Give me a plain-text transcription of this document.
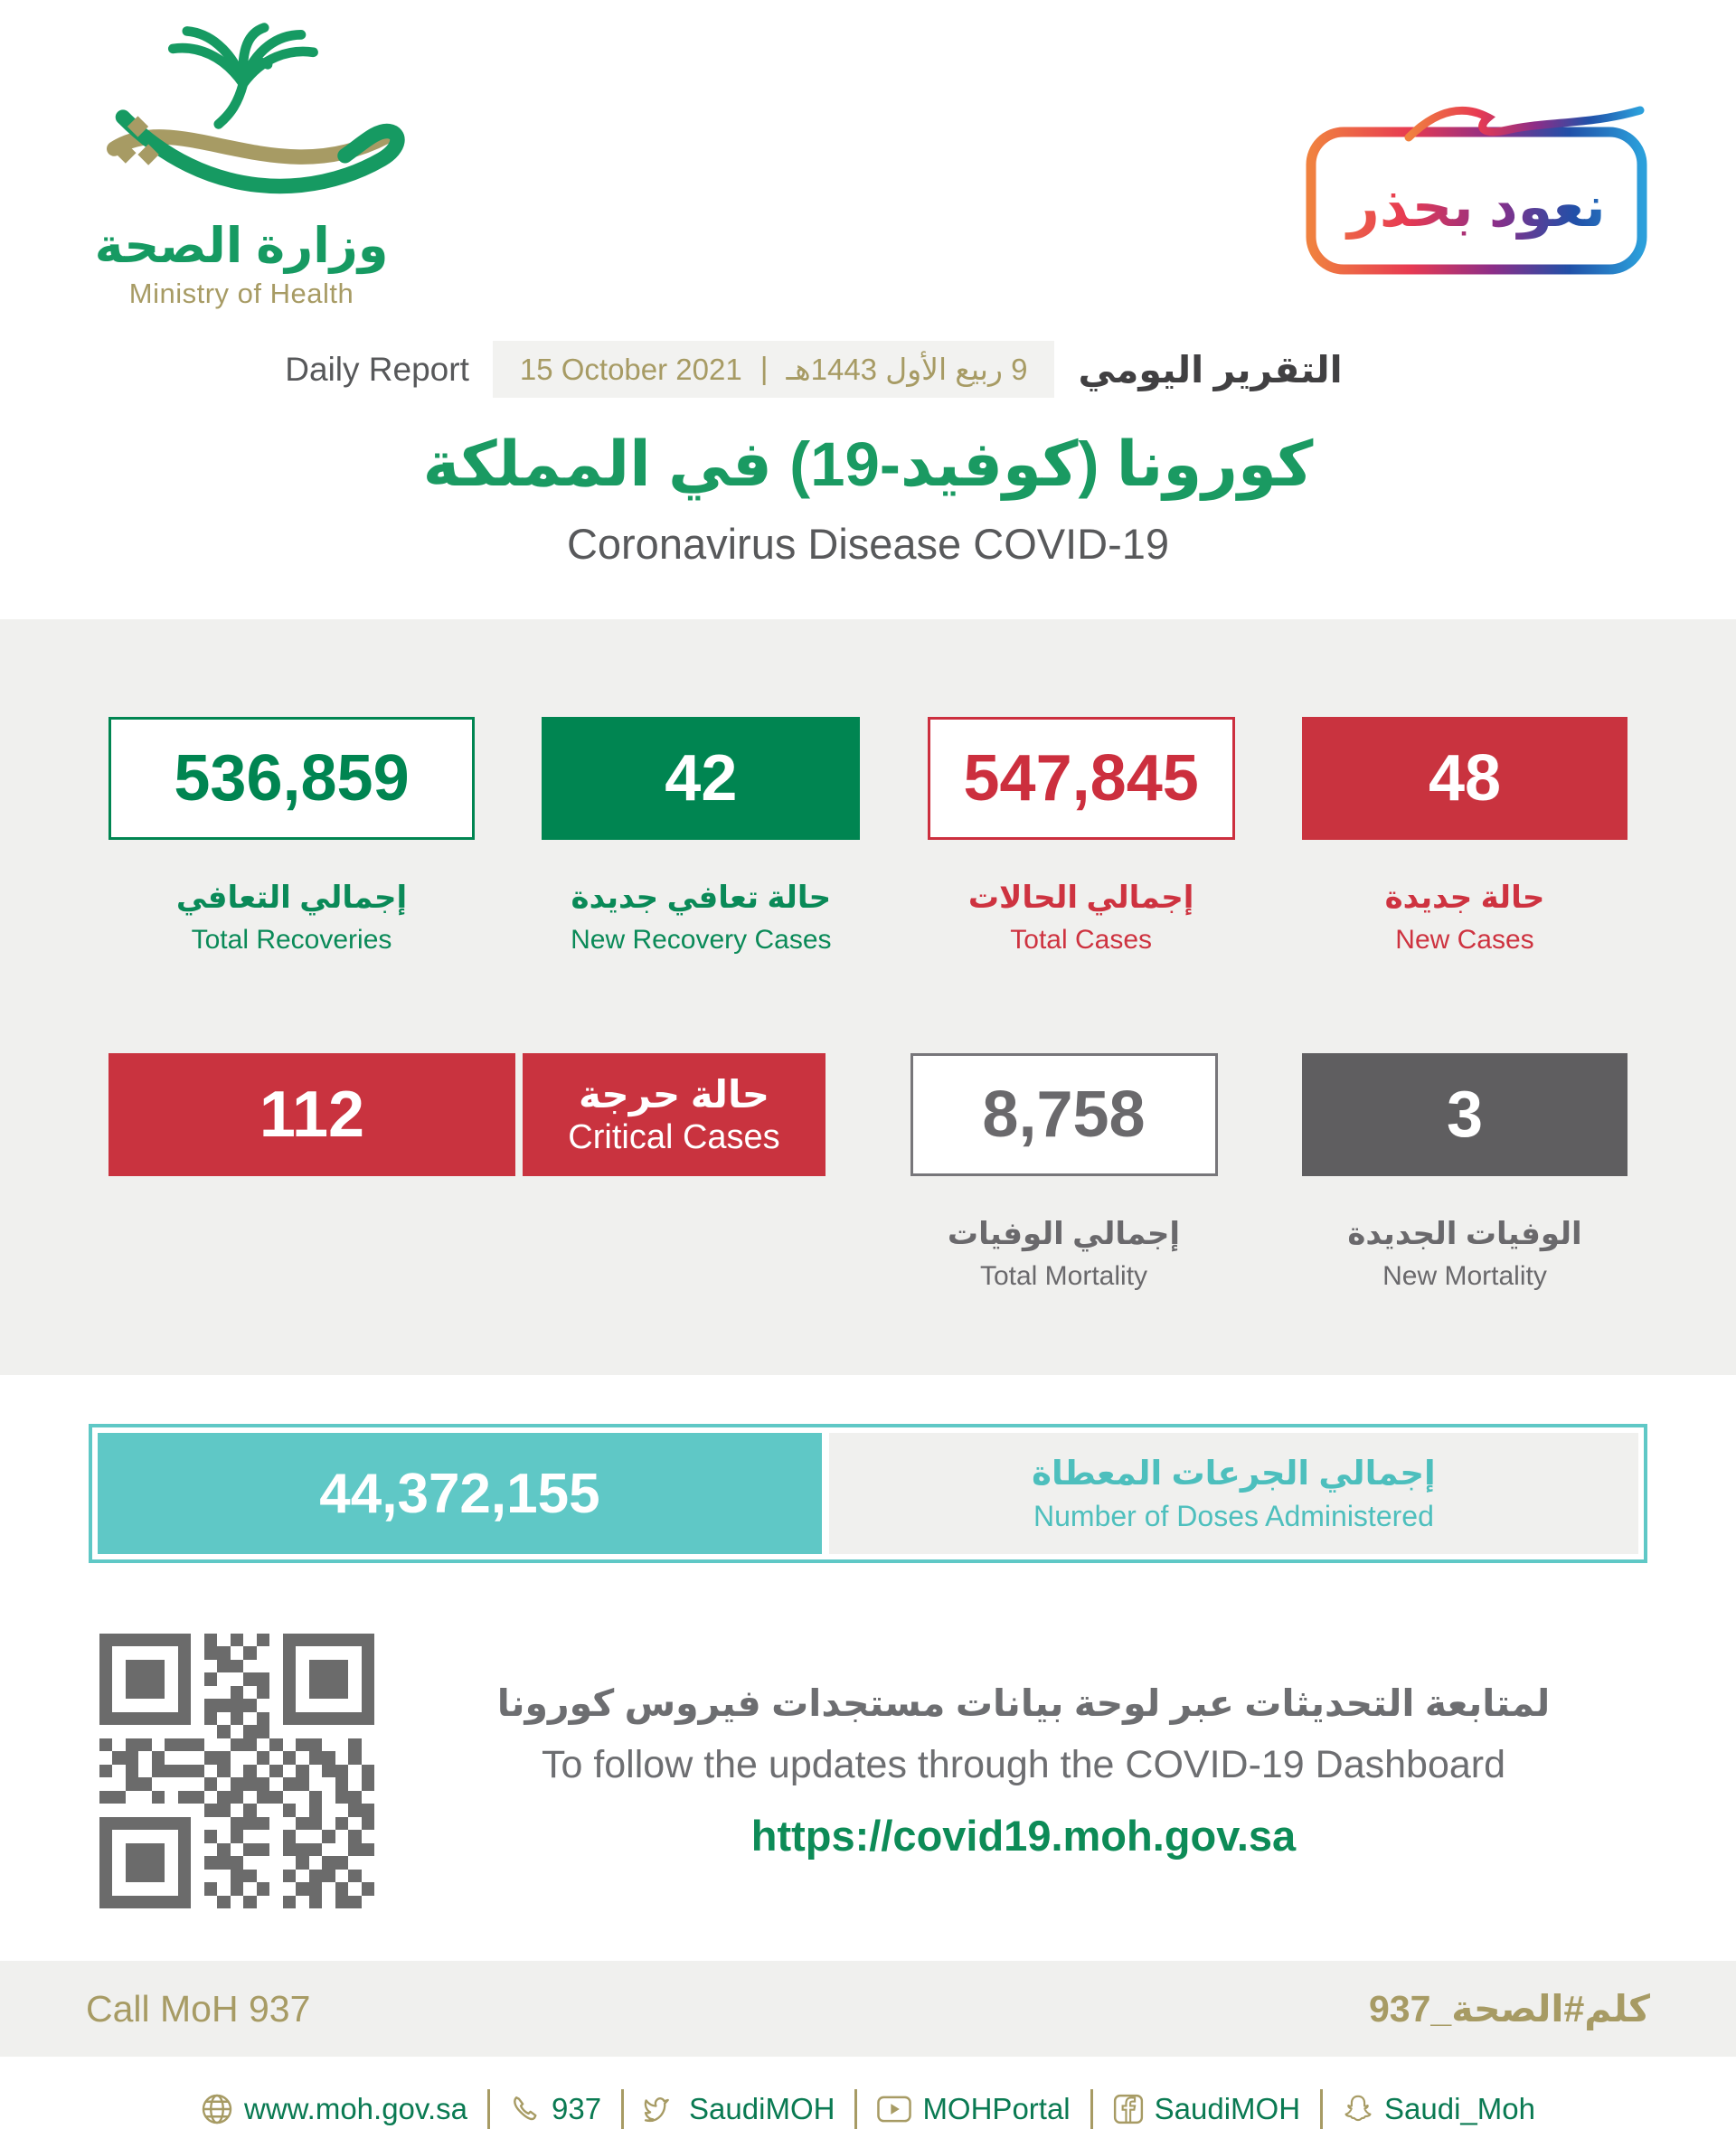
وزارة الصحة
Ministry of Health
نعود بحذر
Daily Report 15 October 2021 | 9 ربيع الأول 1443هـ التقرير اليومي
كورونا (كوفيد-19) في المملكة
Coronavirus Disease COVID-19
536,859
إجمالي التعافي
Total Recoveries
42
حالة تعافي جديدة
New Recovery Cases
547,845
إجمالي الحالات
Total Cases
48
حالة جديدة
New Cases
112	حالة حرجة
Critical Cases	8,758
إجمالي الوفيات
Total Mortality
3
الوفيات الجديدة
New Mortality
44,372,155	إجمالي الجرعات المعطاة
Number of Doses Administered
لمتابعة التحديثات عبر لوحة بيانات مستجدات فيروس كورونا
To follow the updates through the COVID-19 Dashboard
https://covid19.moh.gov.sa
Call MoH 937	كلم#الصحة_937
www.moh.gov.sa	937	SaudiMOH	MOHPortal	SaudiMOH	Saudi_Moh
